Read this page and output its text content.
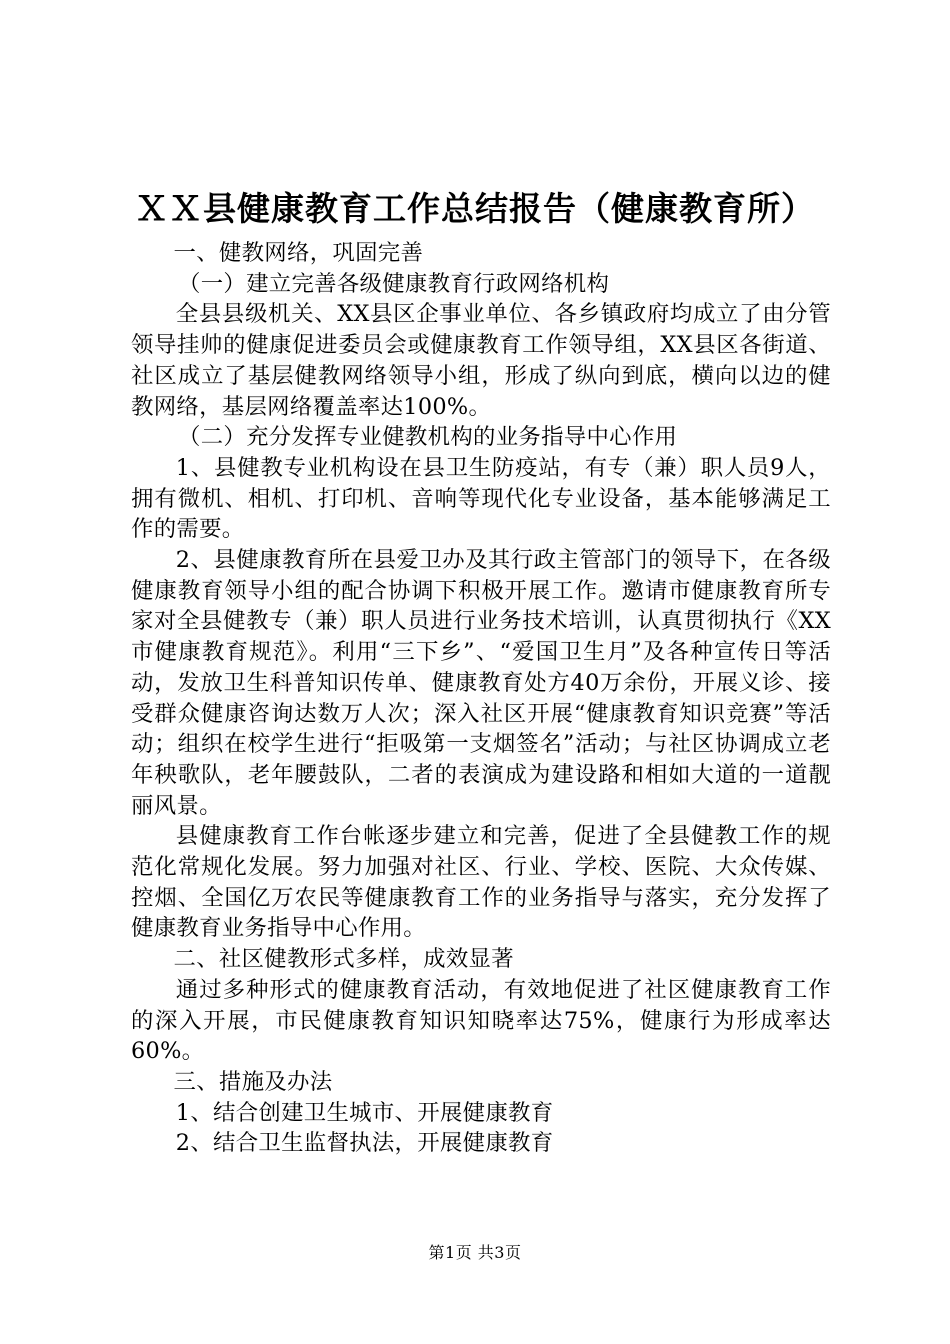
ＸＸ县健康教育工作总结报告（健康教育所）

一、健教网络，巩固完善

（一）建立完善各级健康教育行政网络机构

全县县级机关、XX县区企事业单位、各乡镇政府均成立了由分管领导挂帅的健康促进委员会或健康教育工作领导组，XX县区各街道、社区成立了基层健教网络领导小组，形成了纵向到底，横向以边的健教网络，基层网络覆盖率达100%。

（二）充分发挥专业健教机构的业务指导中心作用

1、县健教专业机构设在县卫生防疫站，有专（兼）职人员9人，拥有微机、相机、打印机、音响等现代化专业设备，基本能够满足工作的需要。

2、县健康教育所在县爱卫办及其行政主管部门的领导下，在各级健康教育领导小组的配合协调下积极开展工作。邀请市健康教育所专家对全县健教专（兼）职人员进行业务技术培训，认真贯彻执行《XX市健康教育规范》。利用“三下乡”、“爱国卫生月”及各种宣传日等活动，发放卫生科普知识传单、健康教育处方40万余份，开展义诊、接受群众健康咨询达数万人次；深入社区开展“健康教育知识竞赛”等活动；组织在校学生进行“拒吸第一支烟签名”活动；与社区协调成立老年秧歌队，老年腰鼓队，二者的表演成为建设路和相如大道的一道靓丽风景。

县健康教育工作台帐逐步建立和完善，促进了全县健教工作的规范化常规化发展。努力加强对社区、行业、学校、医院、大众传媒、控烟、全国亿万农民等健康教育工作的业务指导与落实，充分发挥了健康教育业务指导中心作用。

二、社区健教形式多样，成效显著

通过多种形式的健康教育活动，有效地促进了社区健康教育工作的深入开展，市民健康教育知识知晓率达75%，健康行为形成率达60%。

三、措施及办法

1、结合创建卫生城市、开展健康教育

2、结合卫生监督执法，开展健康教育

第1页 共3页
